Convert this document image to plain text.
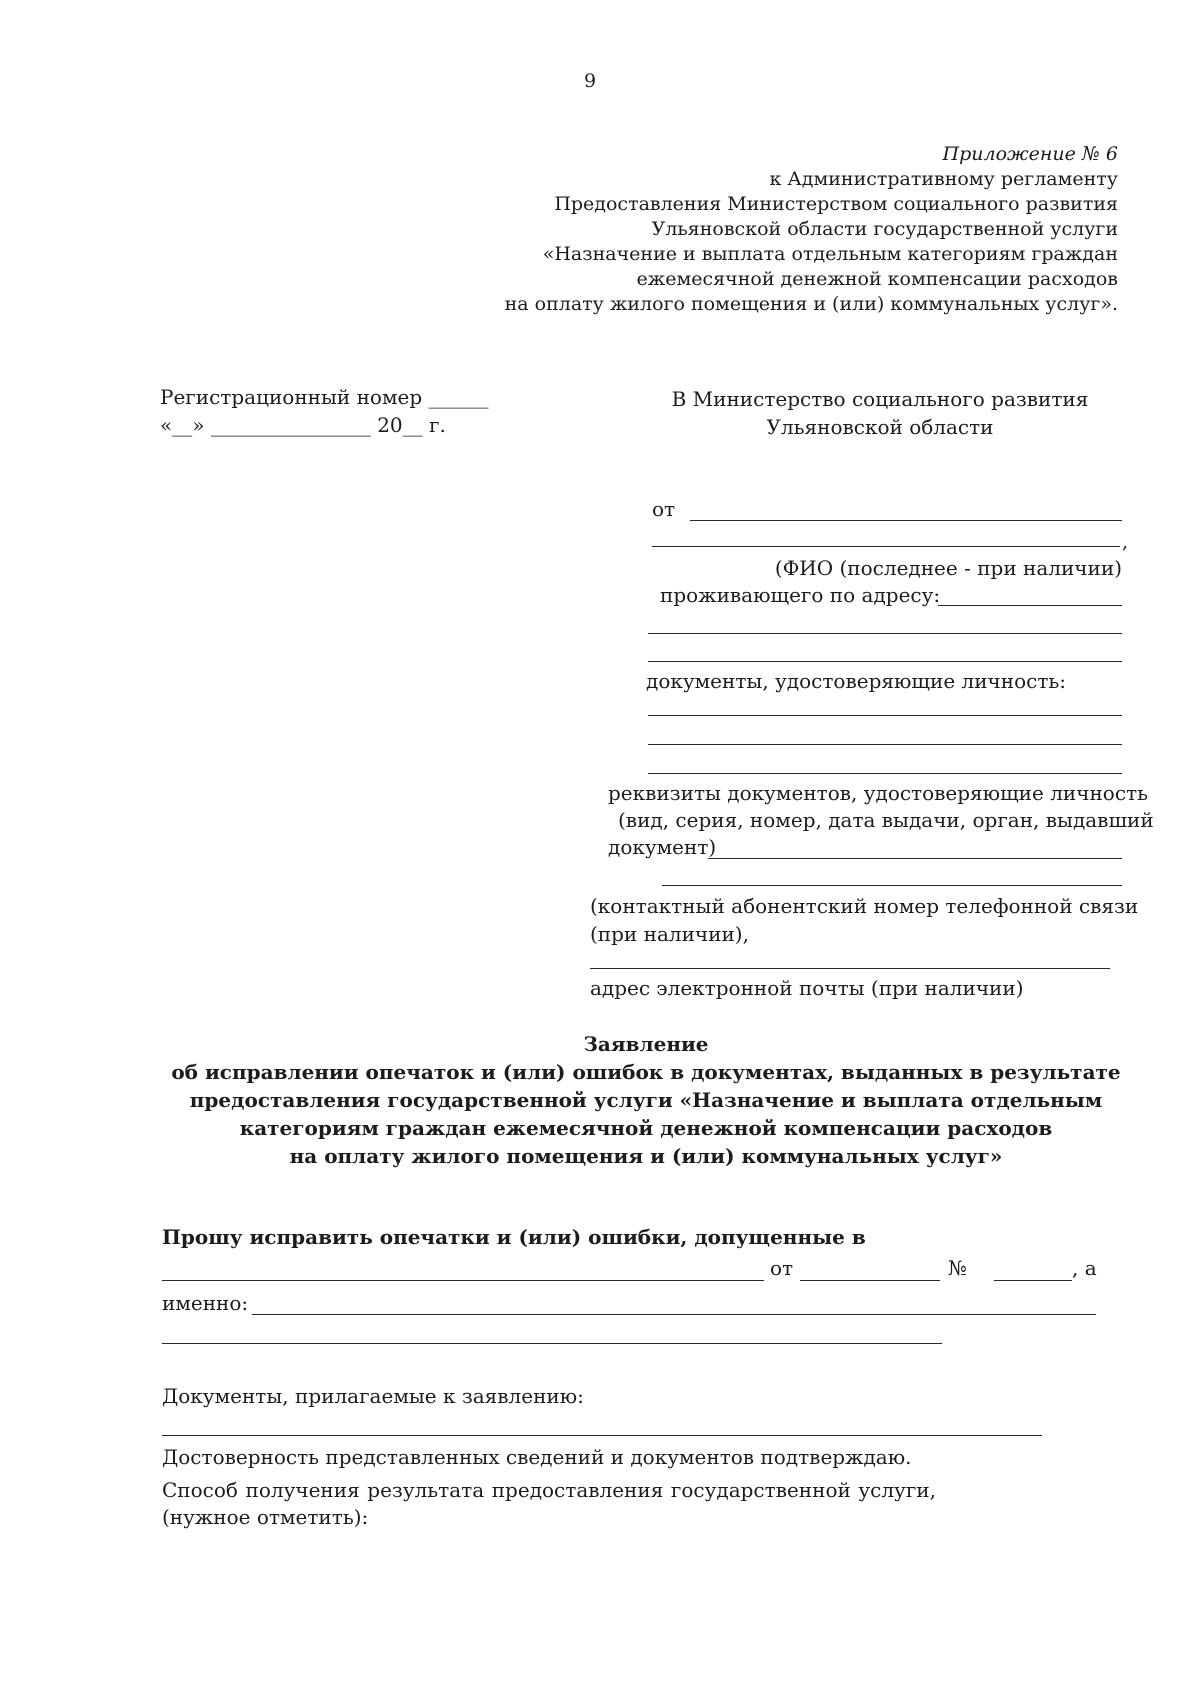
9
Приложение № 6
к Административному регламенту
Предоставления Министерством социального развития
Ульяновской области государственной услуги
«Назначение и выплата отдельным категориям граждан
ежемесячной денежной компенсации расходов
на оплату жилого помещения и (или) коммунальных услуг».
Регистрационный номер ______
«__» ________________ 20__ г.
В Министерство социального развития
Ульяновской области
от
,
(ФИО (последнее - при наличии)
проживающего по адресу:
документы, удостоверяющие личность:
реквизиты документов, удостоверяющие личность
(вид, серия, номер, дата выдачи, орган, выдавший
документ)
(контактный абонентский номер телефонной связи
(при наличии),
адрес электронной почты (при наличии)
Заявление
об исправлении опечаток и (или) ошибок в документах, выданных в результате
предоставления государственной услуги «Назначение и выплата отдельным
категориям граждан ежемесячной денежной компенсации расходов
на оплату жилого помещения и (или) коммунальных услуг»
Прошу исправить опечатки и (или) ошибки, допущенные в
от	№	, а
именно:
Документы, прилагаемые к заявлению:
Достоверность представленных сведений и документов подтверждаю.
Способ получения результата предоставления государственной услуги,
(нужное отметить):
